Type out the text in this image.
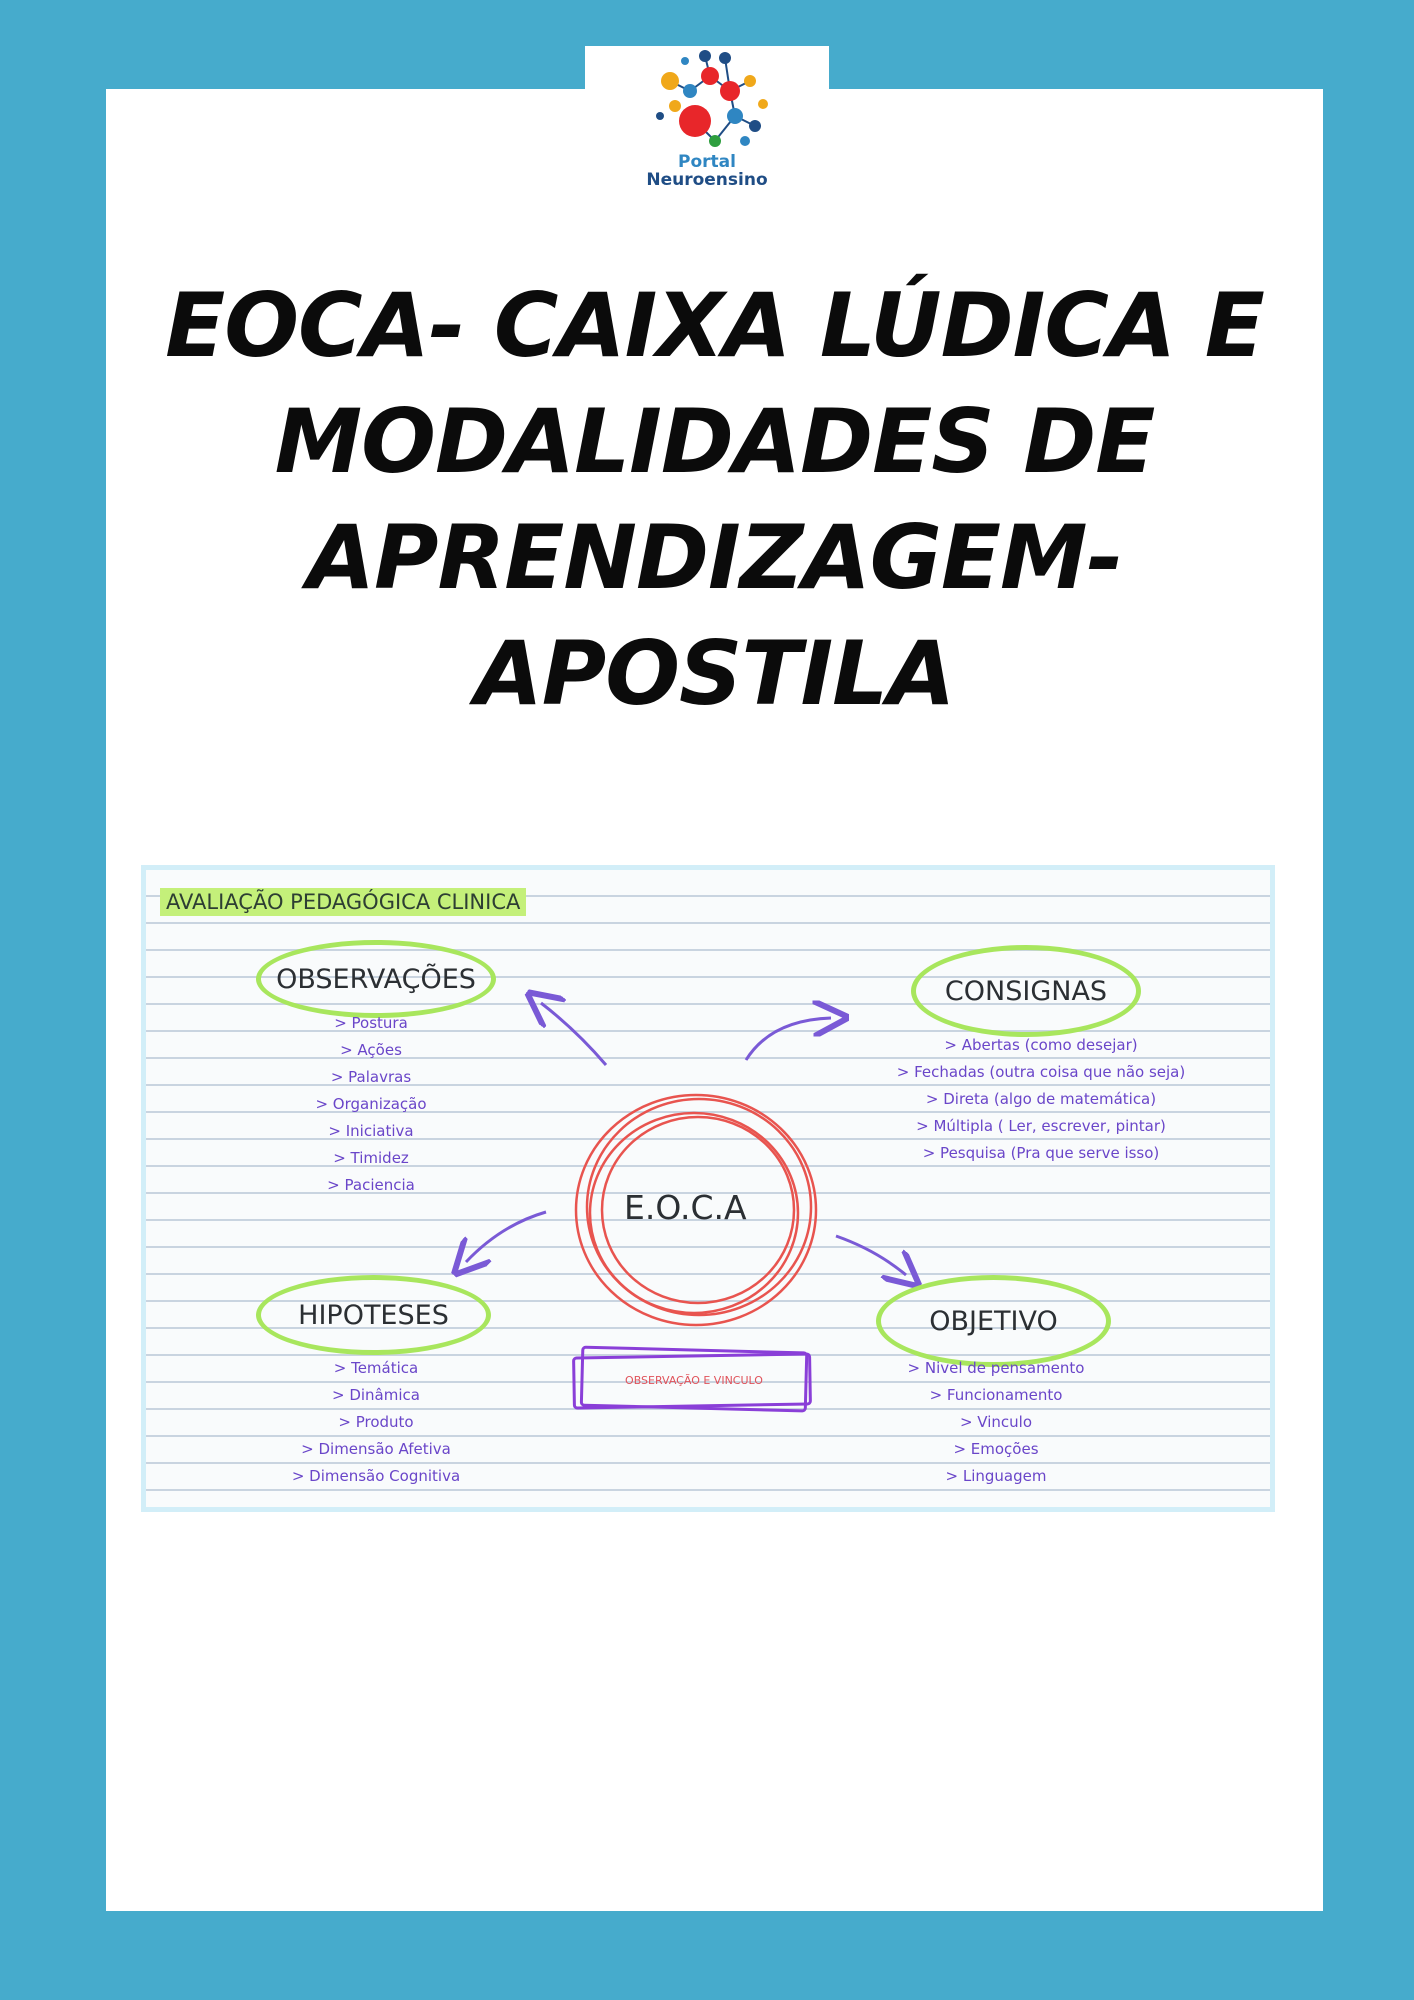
Portal
Neuroensino
EOCA- CAIXA LÚDICA E
MODALIDADES DE
APRENDIZAGEM-
APOSTILA
AVALIAÇÃO PEDAGÓGICA CLINICA
OBSERVAÇÕES
> Postura
> Ações
> Palavras
> Organização
> Iniciativa
> Timidez
> Paciencia
CONSIGNAS
> Abertas (como desejar)
> Fechadas (outra coisa que não seja)
> Direta (algo de matemática)
> Múltipla ( Ler, escrever, pintar)
> Pesquisa (Pra que serve isso)
E.O.C.A
HIPOTESES
> Temática
> Dinâmica
> Produto
> Dimensão Afetiva
> Dimensão Cognitiva
OBJETIVO
> Nivel de pensamento
> Funcionamento
> Vinculo
> Emoções
> Linguagem
OBSERVAÇÃO E VINCULO
